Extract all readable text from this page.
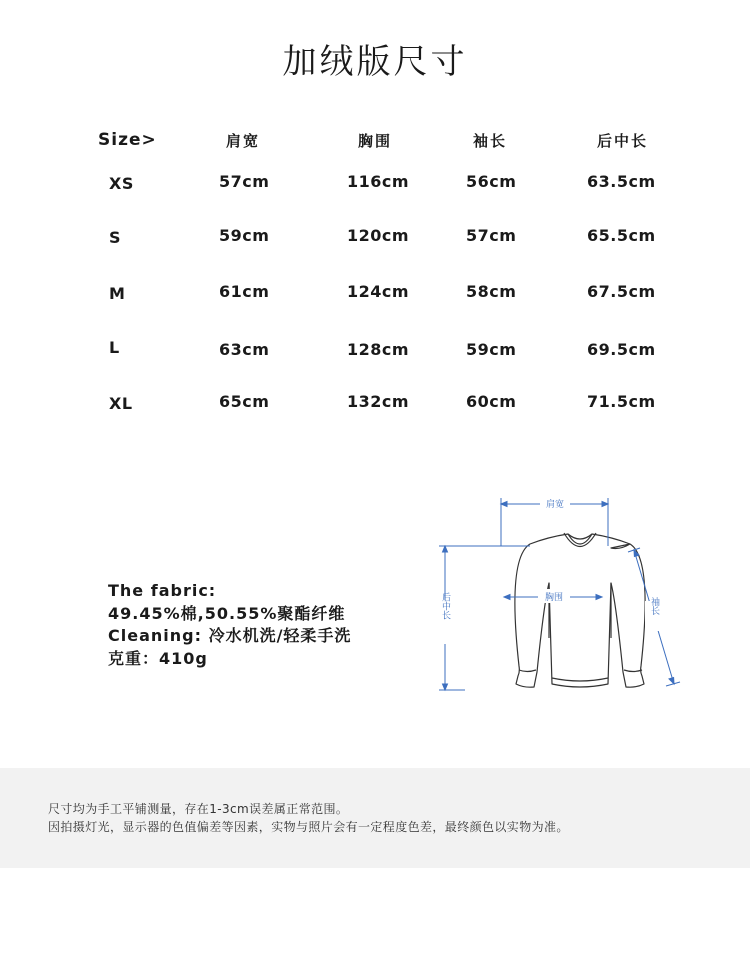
加绒版尺寸
Size>	肩宽	胸围	袖长	后中长
XS	57cm	116cm	56cm	63.5cm
S	59cm	120cm	57cm	65.5cm
M	61cm	124cm	58cm	67.5cm
L	63cm	128cm	59cm	69.5cm
XL	65cm	132cm	60cm	71.5cm
The fabric:
49.45%棉,50.55%聚酯纤维
Cleaning: 冷水机洗/轻柔手洗
克重：410g
肩宽
胸围
后中长	袖长
尺寸均为手工平铺测量，存在1-3cm误差属正常范围。
因拍摄灯光，显示器的色值偏差等因素，实物与照片会有一定程度色差，最终颜色以实物为准。
